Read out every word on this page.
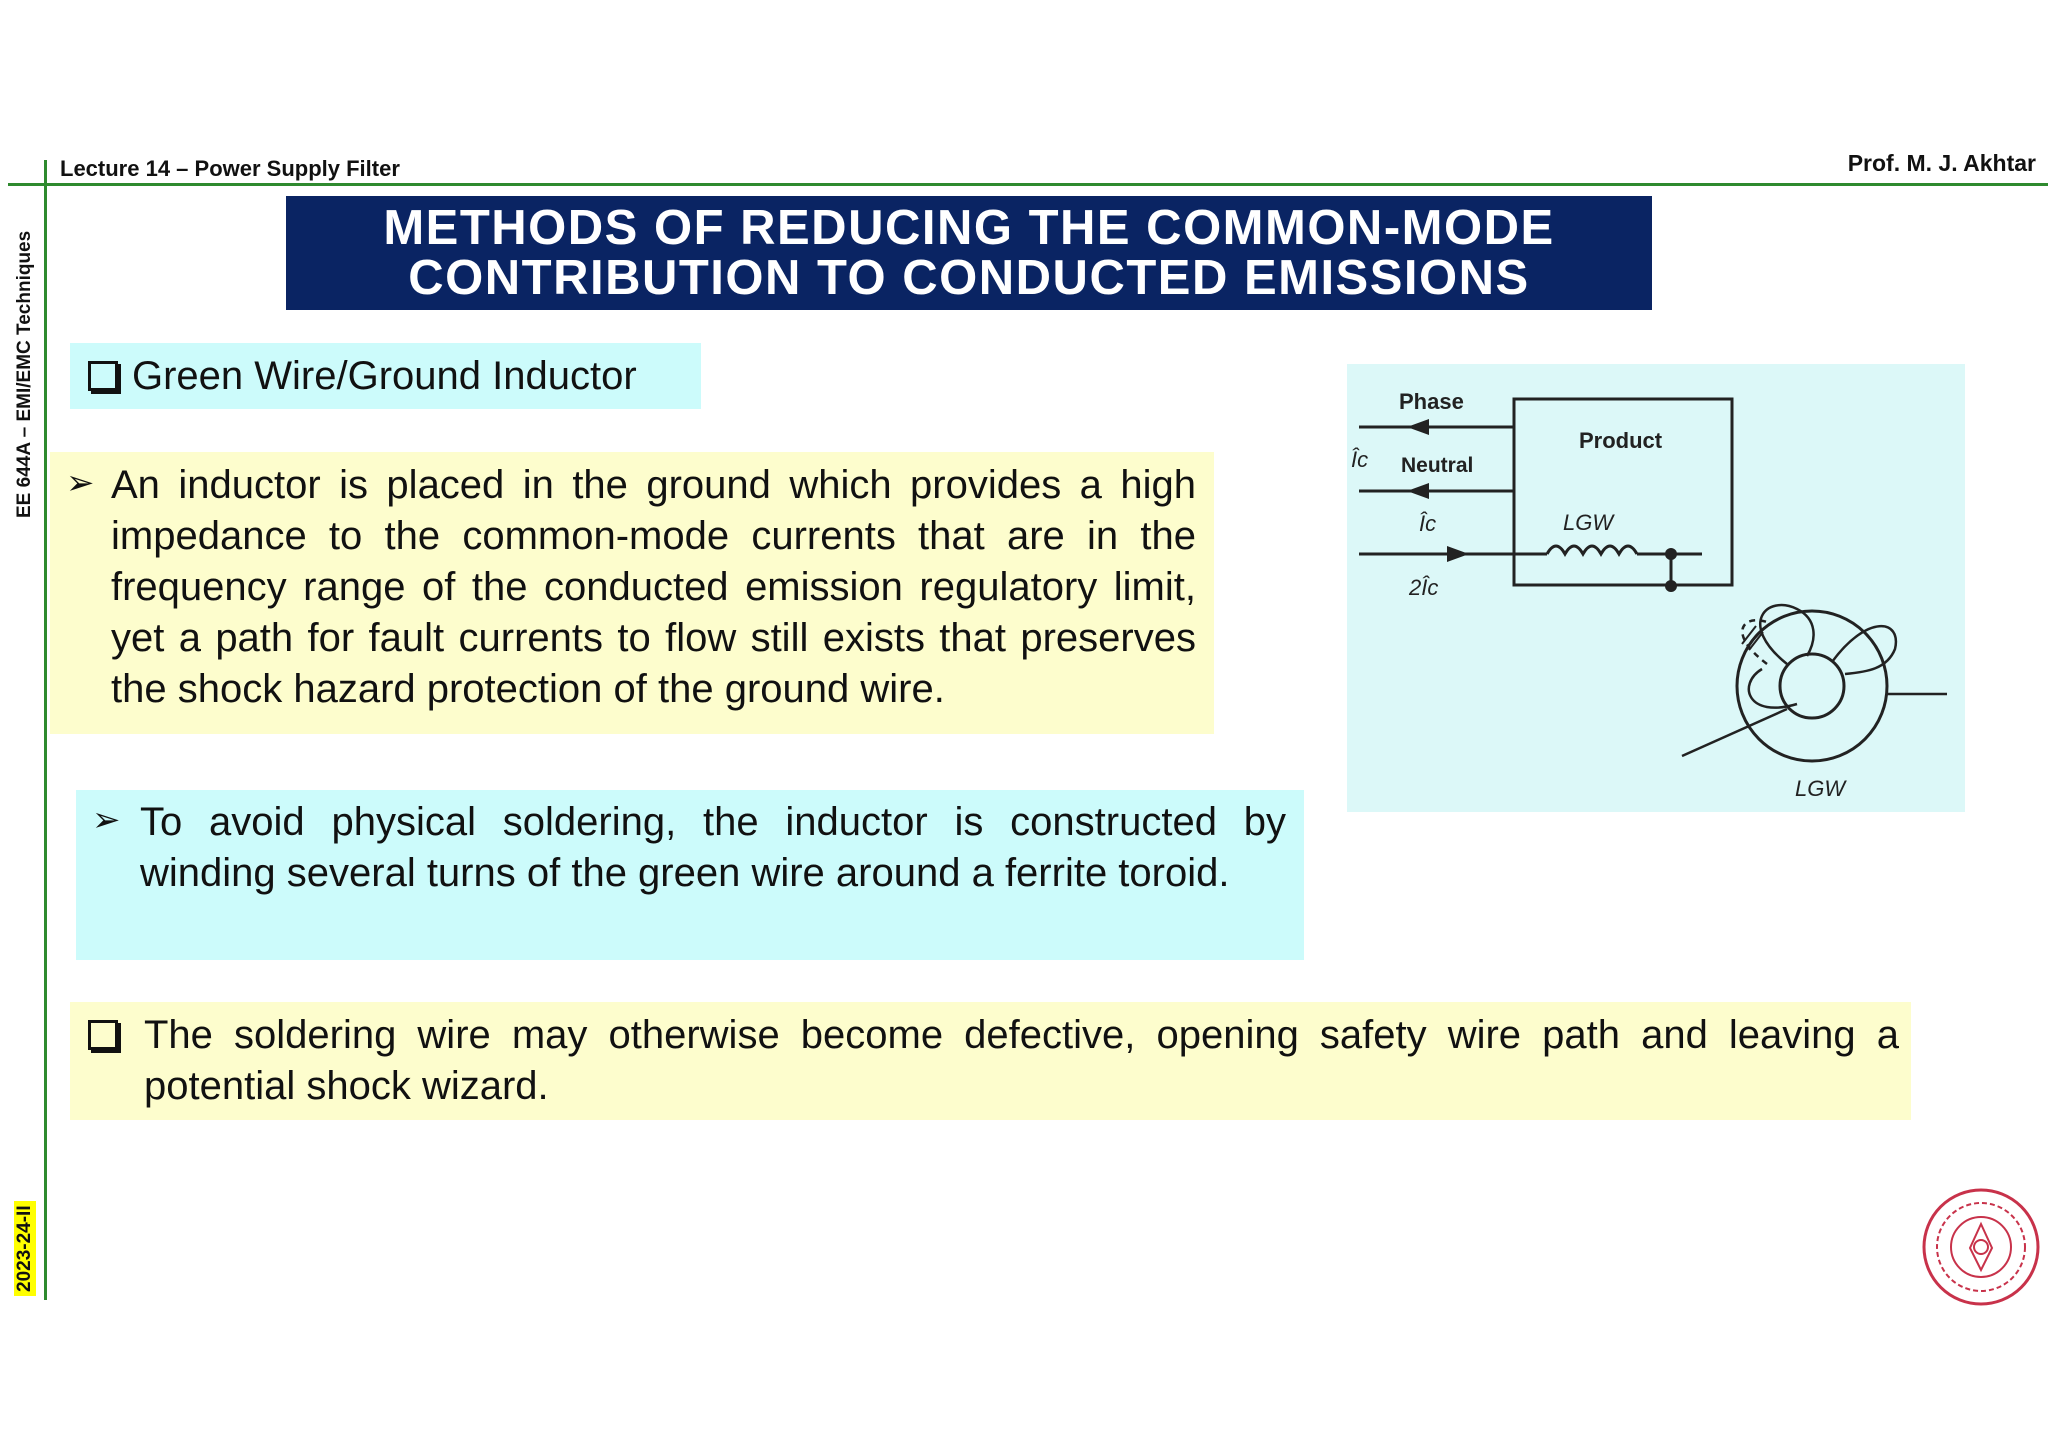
Lecture 14 – Power Supply Filter	Prof. M. J. Akhtar
EE 644A – EMI/EMC Techniques
2023-24-II
METHODS OF REDUCING THE COMMON-MODE
CONTRIBUTION TO CONDUCTED EMISSIONS
Green Wire/Ground Inductor
➢ An inductor is placed in the ground which provides a high impedance to the common-mode currents that are in the frequency range of the conducted emission regulatory limit, yet a path for fault currents to flow still exists that preserves the shock hazard protection of the ground wire.
➢ To avoid physical soldering, the inductor is constructed by winding several turns of the green wire around a ferrite toroid.
The soldering wire may otherwise become defective, opening safety wire path and leaving a potential shock wizard.
Phase
Neutral
Product
Îc
Îc
2Îc
LGW
LGW
